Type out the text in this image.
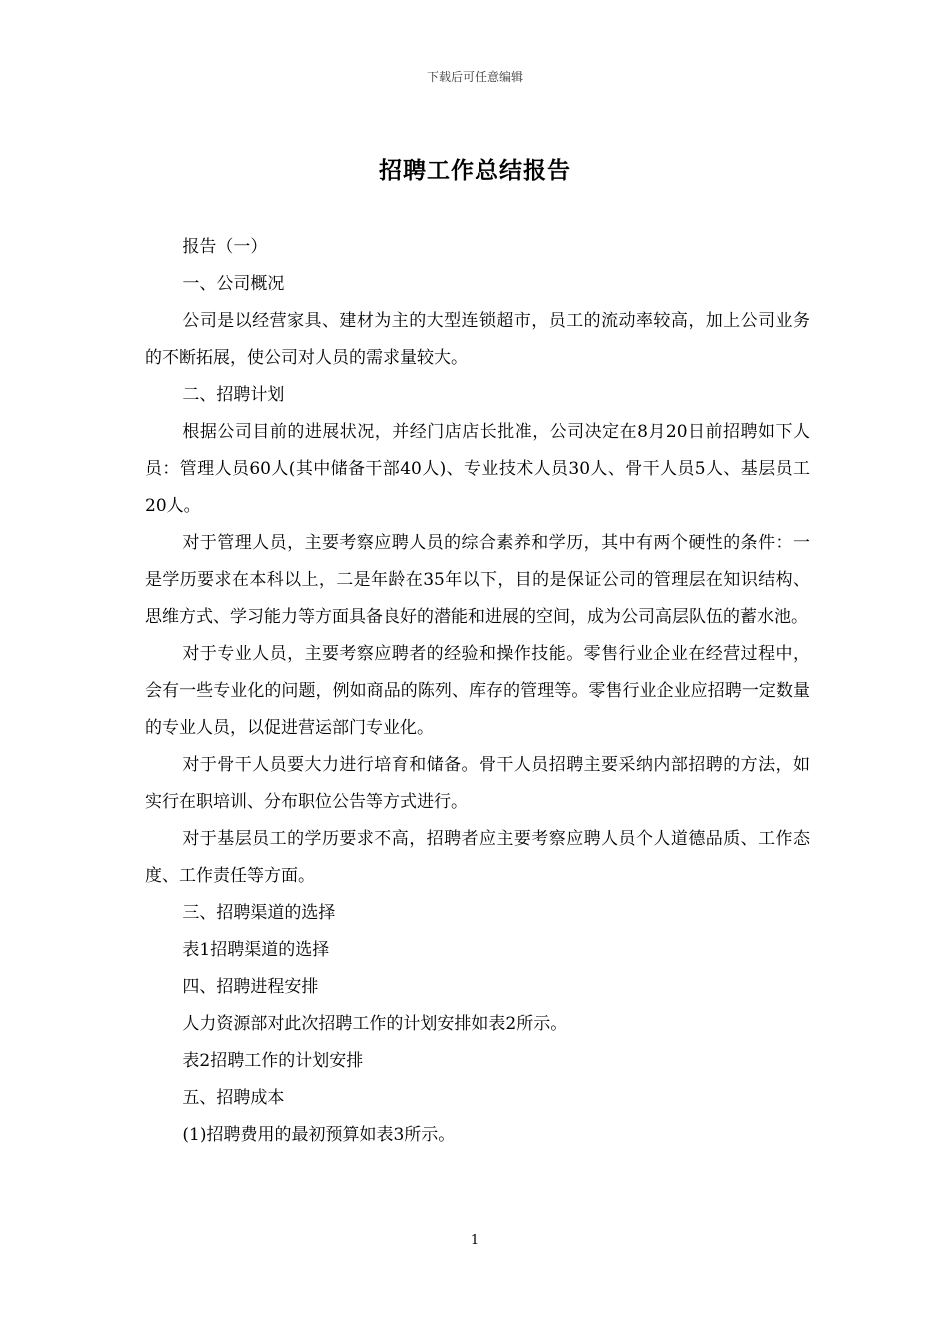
下载后可任意编辑
招聘工作总结报告

报告（一）

一、公司概况

公司是以经营家具、建材为主的大型连锁超市，员工的流动率较高，加上公司业务的不断拓展，使公司对人员的需求量较大。

二、招聘计划

根据公司目前的进展状况，并经门店店长批准，公司决定在8月20日前招聘如下人员：管理人员60人(其中储备干部40人)、专业技术人员30人、骨干人员5人、基层员工20人。

对于管理人员，主要考察应聘人员的综合素养和学历，其中有两个硬性的条件：一是学历要求在本科以上，二是年龄在35年以下，目的是保证公司的管理层在知识结构、思维方式、学习能力等方面具备良好的潜能和进展的空间，成为公司高层队伍的蓄水池。

对于专业人员，主要考察应聘者的经验和操作技能。零售行业企业在经营过程中，会有一些专业化的问题，例如商品的陈列、库存的管理等。零售行业企业应招聘一定数量的专业人员，以促进营运部门专业化。

对于骨干人员要大力进行培育和储备。骨干人员招聘主要采纳内部招聘的方法，如实行在职培训、分布职位公告等方式进行。

对于基层员工的学历要求不高，招聘者应主要考察应聘人员个人道德品质、工作态度、工作责任等方面。

三、招聘渠道的选择

表1招聘渠道的选择

四、招聘进程安排

人力资源部对此次招聘工作的计划安排如表2所示。

表2招聘工作的计划安排

五、招聘成本

(1)招聘费用的最初预算如表3所示。

1
